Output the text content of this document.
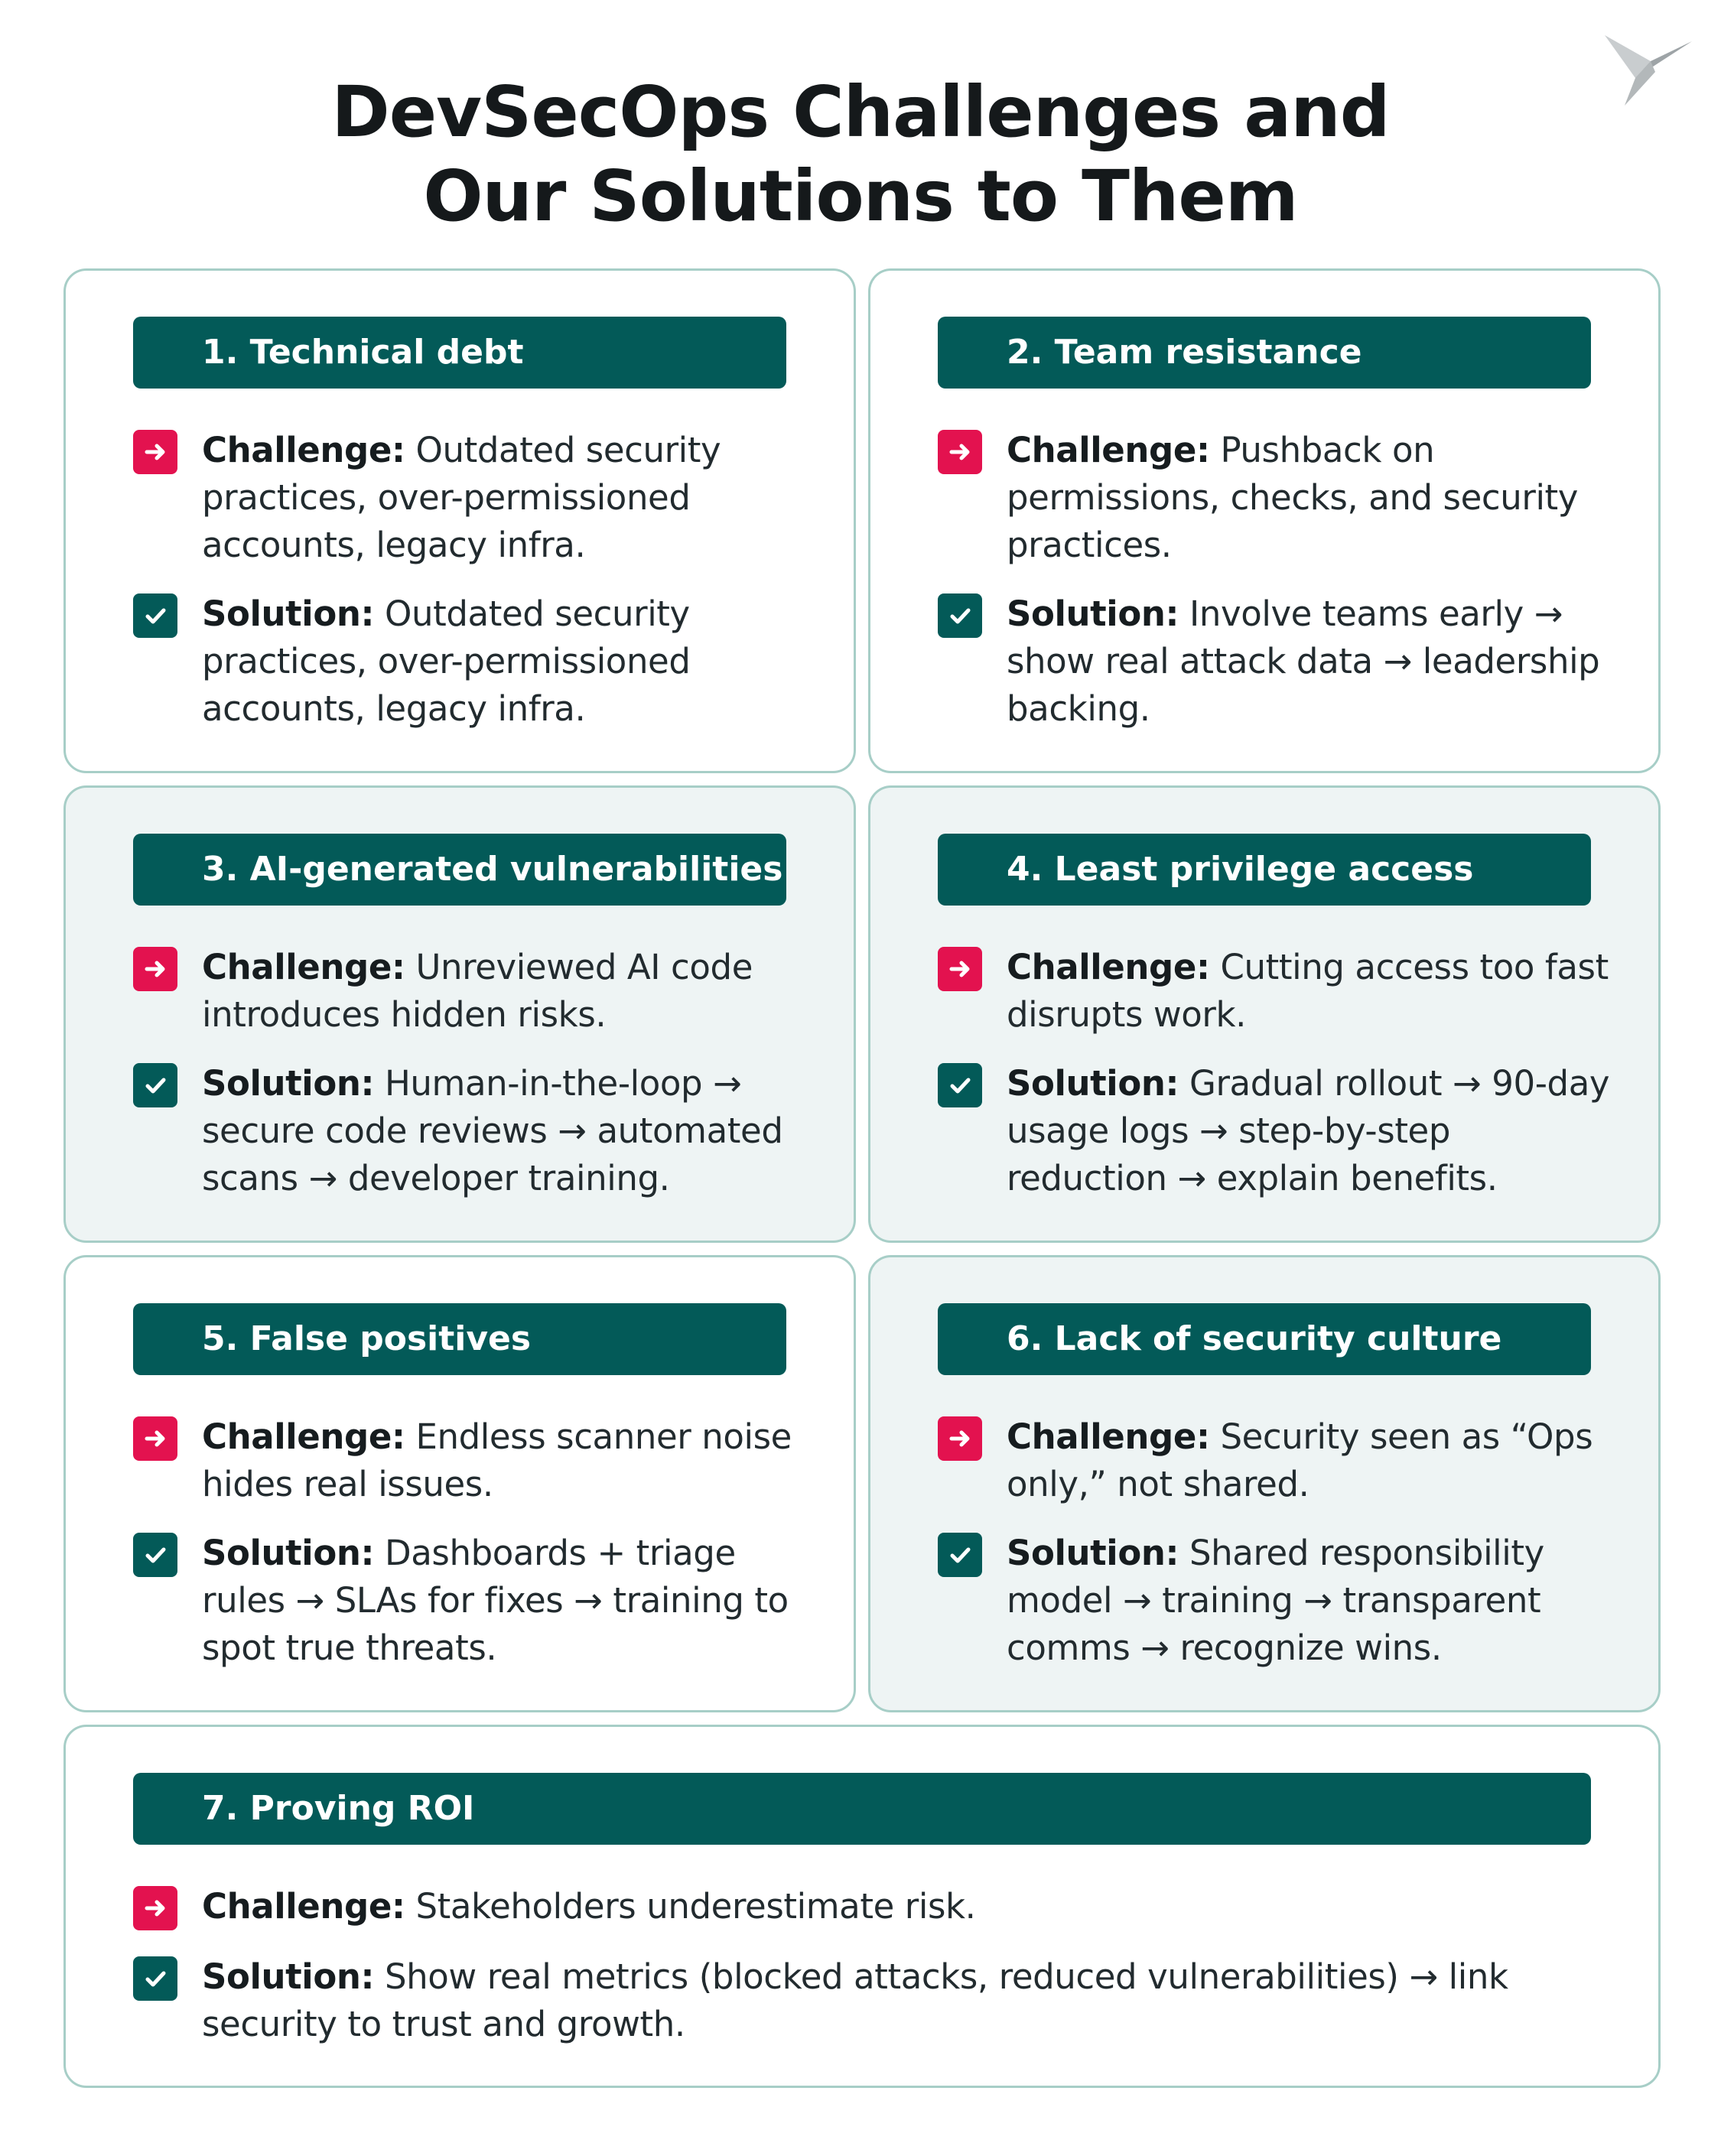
DevSecOps Challenges and
Our Solutions to Them
1. Technical debt
Challenge: Outdated security practices, over-permissioned accounts, legacy infra.
Solution: Outdated security practices, over-permissioned accounts, legacy infra.
2. Team resistance
Challenge: Pushback on permissions, checks, and security practices.
Solution: Involve teams early → show real attack data → leadership backing.
3. AI-generated vulnerabilities
Challenge: Unreviewed AI code introduces hidden risks.
Solution: Human-in-the-loop → secure code reviews → automated scans → developer training.
4. Least privilege access
Challenge: Cutting access too fast disrupts work.
Solution: Gradual rollout → 90-day usage logs → step-by-step reduction → explain benefits.
5. False positives
Challenge: Endless scanner noise hides real issues.
Solution: Dashboards + triage rules → SLAs for fixes → training to spot true threats.
6. Lack of security culture
Challenge: Security seen as “Ops only,” not shared.
Solution: Shared responsibility model → training → transparent comms → recognize wins.
7. Proving ROI
Challenge: Stakeholders underestimate risk.
Solution: Show real metrics (blocked attacks, reduced vulnerabilities) → link security to trust and growth.
